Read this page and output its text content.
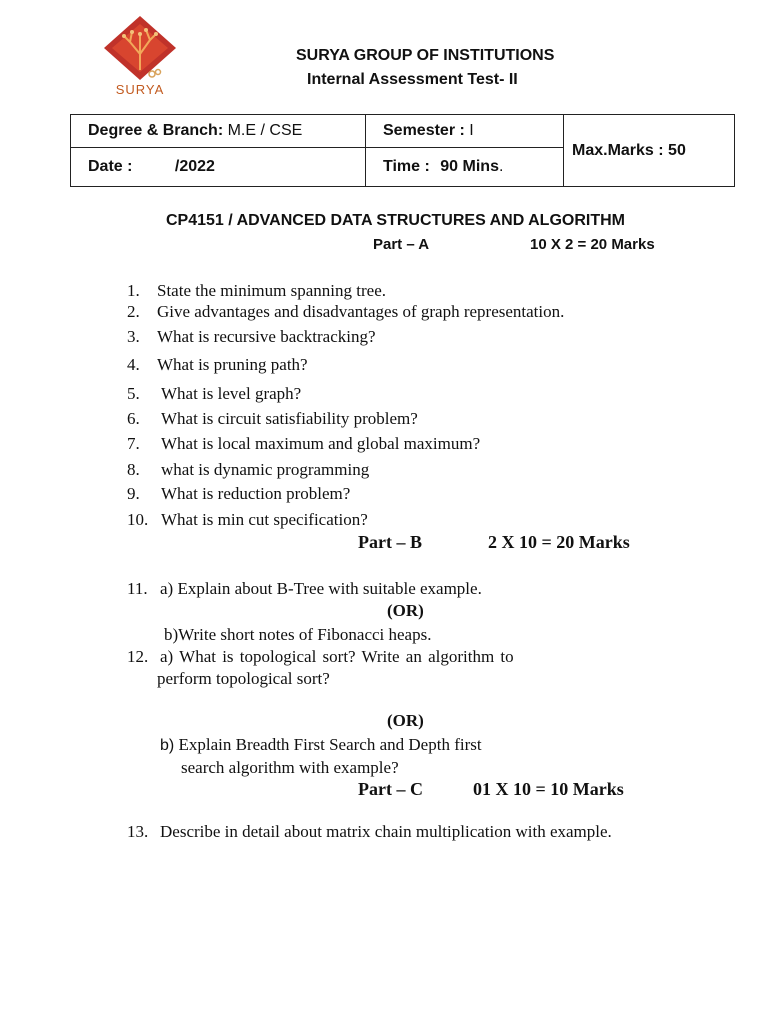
SURYA
SURYA GROUP OF INSTITUTIONS
Internal Assessment Test- II
Degree & Branch: M.E / CSE	Semester : I	Max.Marks : 50
Date : /2022	Time : 90 Mins.	
CP4151 / ADVANCED DATA STRUCTURES AND ALGORITHM
Part – A	10 X 2 = 20 Marks
1. State the minimum spanning tree.
2. Give advantages and disadvantages of graph representation.
3. What is recursive backtracking?
4. What is pruning path?
5. What is level graph?
6. What is circuit satisfiability problem?
7. What is local maximum and global maximum?
8. what is dynamic programming
9. What is reduction problem?
10. What is min cut specification?
Part – B	2 X 10 = 20 Marks
11. a) Explain about B-Tree with suitable example.
(OR)
b)Write short notes of Fibonacci heaps.
12. a) What is topological sort? Write an algorithm to
perform topological sort?
(OR)
b) Explain Breadth First Search and Depth first
search algorithm with example?
Part – C	01 X 10 = 10 Marks
13. Describe in detail about matrix chain multiplication with example.
